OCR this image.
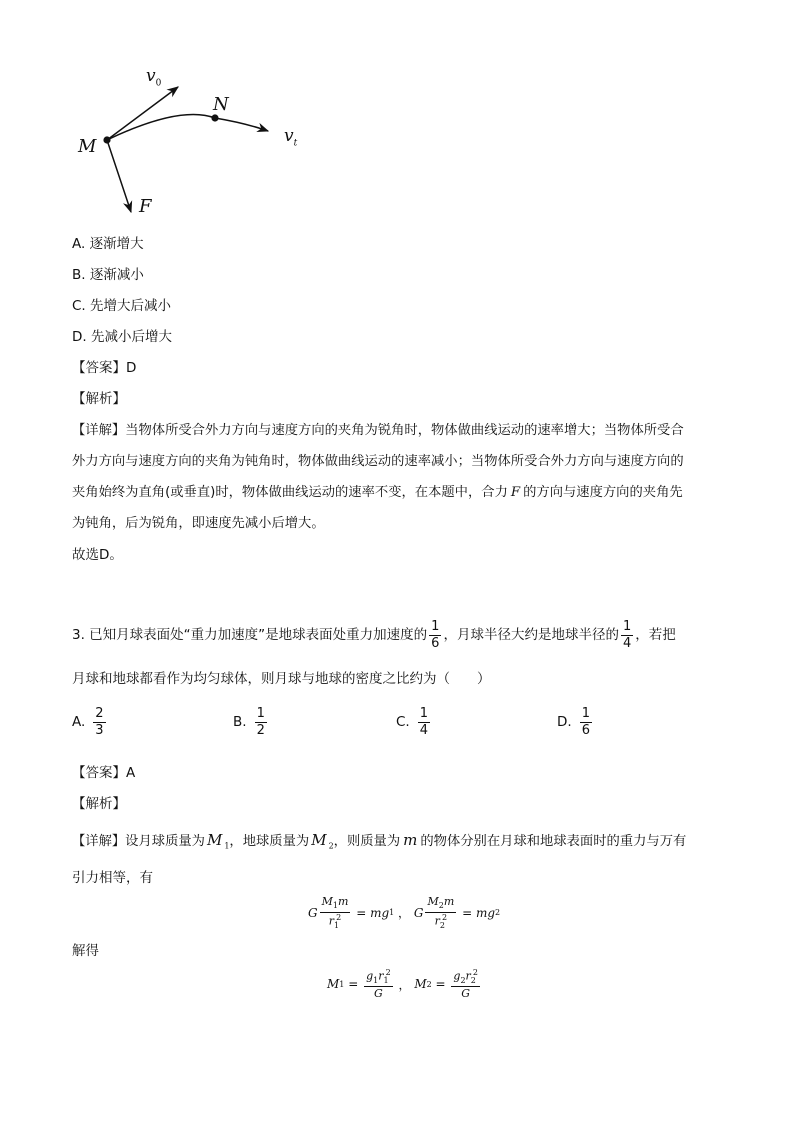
$v_0$
N
M	$v_t$
F
A. 逐渐增大
B. 逐渐减小
C. 先增大后减小
D. 先减小后增大
【答案】D
【解析】
【详解】当物体所受合外力方向与速度方向的夹角为锐角时，物体做曲线运动的速率增大；当物体所受合
外力方向与速度方向的夹角为钝角时，物体做曲线运动的速率减小；当物体所受合外力方向与速度方向的
夹角始终为直角(或垂直)时，物体做曲线运动的速率不变，在本题中，合力 F 的方向与速度方向的夹角先
为钝角，后为锐角，即速度先减小后增大。
故选D。
3. 已知月球表面处“重力加速度”是地球表面处重力加速度的 $\frac{1}{6}$ ，月球半径大约是地球半径的 $\frac{1}{4}$ ，若把
月球和地球都看作为均匀球体，则月球与地球的密度之比约为（　　）
A. $\frac{2}{3}$	B. $\frac{1}{2}$	C. $\frac{1}{4}$	D. $\frac{1}{6}$
【答案】A
【解析】
【详解】设月球质量为 M $_1$，地球质量为 M $_2$，则质量为 m 的物体分别在月球和地球表面时的重力与万有
引力相等，有
G $\frac{M_1m}{r_1^2}$ = mg 1 ， G $\frac{M_2m}{r_2^2}$ = mg 2
解得
M $1 = \frac{g_1r_1^2}{G}$ ， M $2 = \frac{g_2r_2^2}{G}$
